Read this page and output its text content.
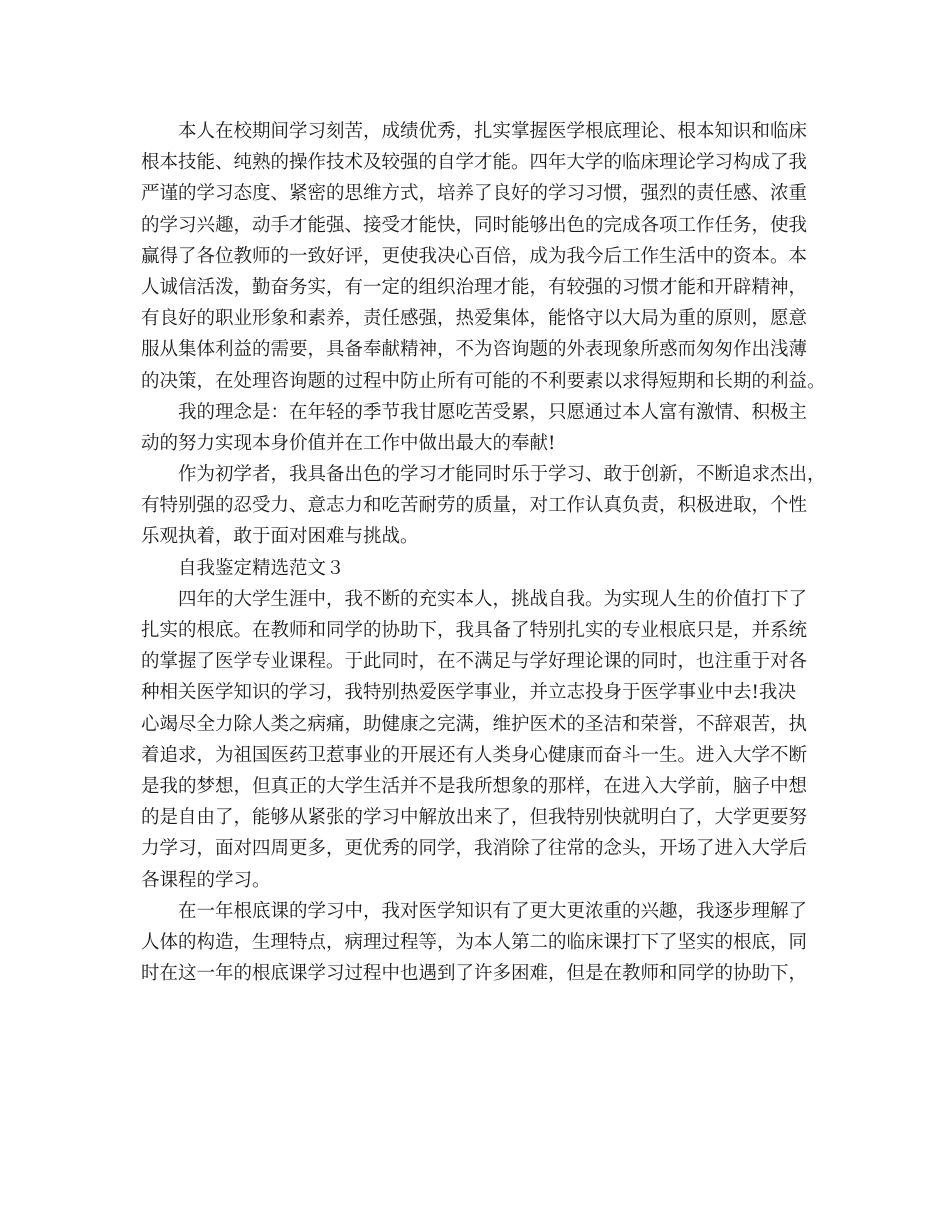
　　本人在校期间学习刻苦，成绩优秀，扎实掌握医学根底理论、根本知识和临床
根本技能、纯熟的操作技术及较强的自学才能。四年大学的临床理论学习构成了我
严谨的学习态度、紧密的思维方式，培养了良好的学习习惯，强烈的责任感、浓重
的学习兴趣，动手才能强、接受才能快，同时能够出色的完成各项工作任务，使我
赢得了各位教师的一致好评，更使我决心百倍，成为我今后工作生活中的资本。本
人诚信活泼，勤奋务实，有一定的组织治理才能，有较强的习惯才能和开辟精神，
有良好的职业形象和素养，责任感强，热爱集体，能恪守以大局为重的原则，愿意
服从集体利益的需要，具备奉献精神，不为咨询题的外表现象所惑而匆匆作出浅薄
的决策，在处理咨询题的过程中防止所有可能的不利要素以求得短期和长期的利益。
　　我的理念是：在年轻的季节我甘愿吃苦受累，只愿通过本人富有激情、积极主
动的努力实现本身价值并在工作中做出最大的奉献!
　　作为初学者，我具备出色的学习才能同时乐于学习、敢于创新，不断追求杰出，
有特别强的忍受力、意志力和吃苦耐劳的质量，对工作认真负责，积极进取，个性
乐观执着，敢于面对困难与挑战。
　　自我鉴定精选范文３
　　四年的大学生涯中，我不断的充实本人，挑战自我。为实现人生的价值打下了
扎实的根底。在教师和同学的协助下，我具备了特别扎实的专业根底只是，并系统
的掌握了医学专业课程。于此同时，在不满足与学好理论课的同时，也注重于对各
种相关医学知识的学习，我特别热爱医学事业，并立志投身于医学事业中去!我决
心竭尽全力除人类之病痛，助健康之完满，维护医术的圣洁和荣誉，不辞艰苦，执
着追求，为祖国医药卫惹事业的开展还有人类身心健康而奋斗一生。进入大学不断
是我的梦想，但真正的大学生活并不是我所想象的那样，在进入大学前，脑子中想
的是自由了，能够从紧张的学习中解放出来了，但我特别快就明白了，大学更要努
力学习，面对四周更多，更优秀的同学，我消除了往常的念头，开场了进入大学后
各课程的学习。
　　在一年根底课的学习中，我对医学知识有了更大更浓重的兴趣，我逐步理解了
人体的构造，生理特点，病理过程等，为本人第二的临床课打下了坚实的根底，同
时在这一年的根底课学习过程中也遇到了许多困难，但是在教师和同学的协助下，
